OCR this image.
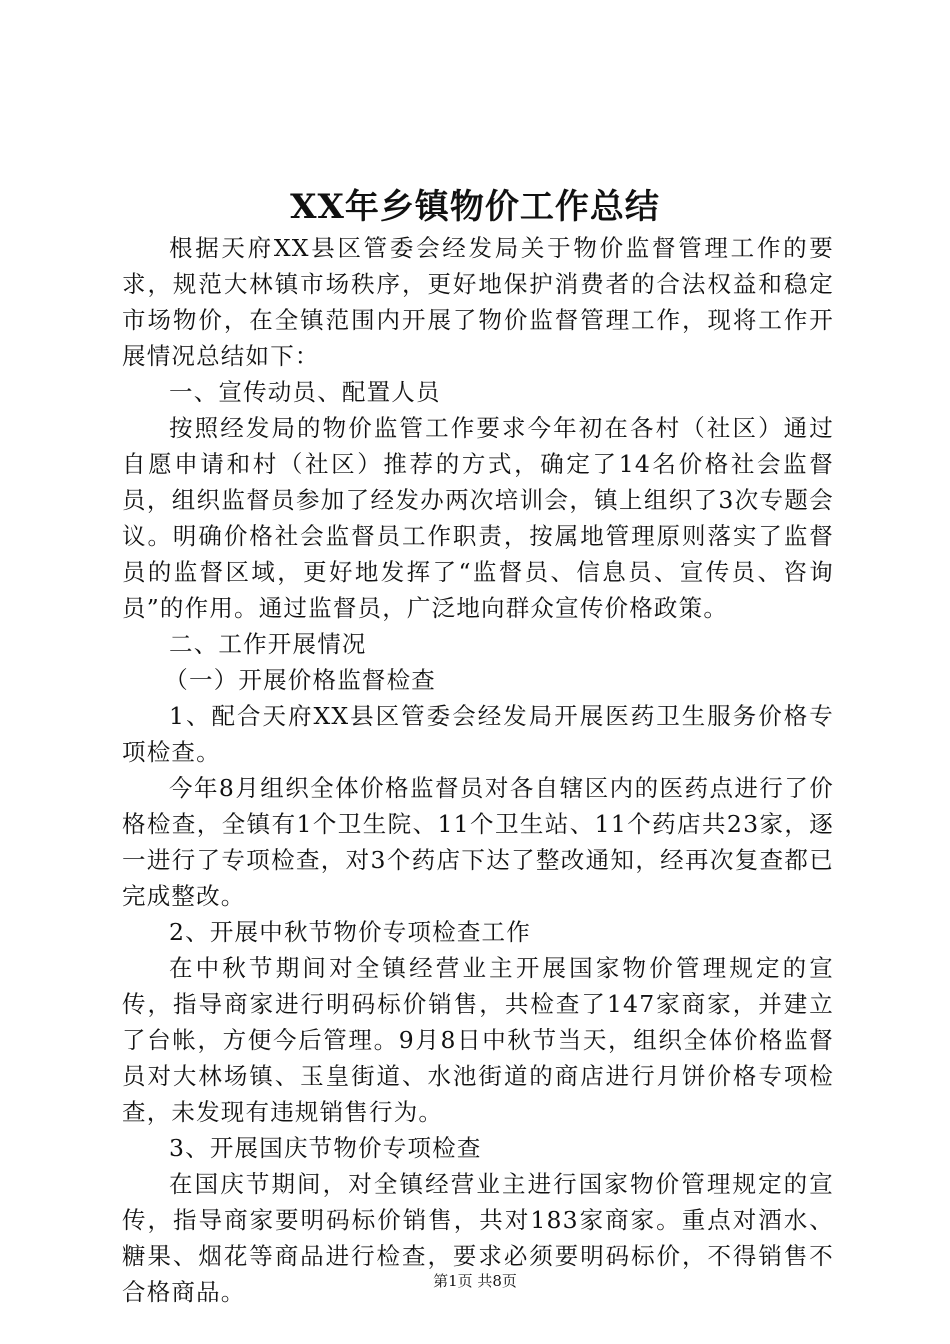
XX年乡镇物价工作总结

根据天府XX县区管委会经发局关于物价监督管理工作的要求，规范大林镇市场秩序，更好地保护消费者的合法权益和稳定市场物价，在全镇范围内开展了物价监督管理工作，现将工作开展情况总结如下：

一、宣传动员、配置人员

按照经发局的物价监管工作要求今年初在各村（社区）通过自愿申请和村（社区）推荐的方式，确定了14名价格社会监督员，组织监督员参加了经发办两次培训会，镇上组织了3次专题会议。明确价格社会监督员工作职责，按属地管理原则落实了监督员的监督区域，更好地发挥了“监督员、信息员、宣传员、咨询员”的作用。通过监督员，广泛地向群众宣传价格政策。

二、工作开展情况

（一）开展价格监督检查

1、配合天府XX县区管委会经发局开展医药卫生服务价格专项检查。

今年8月组织全体价格监督员对各自辖区内的医药点进行了价格检查，全镇有1个卫生院、11个卫生站、11个药店共23家，逐一进行了专项检查，对3个药店下达了整改通知，经再次复查都已完成整改。

2、开展中秋节物价专项检查工作

在中秋节期间对全镇经营业主开展国家物价管理规定的宣传，指导商家进行明码标价销售，共检查了147家商家，并建立了台帐，方便今后管理。9月8日中秋节当天，组织全体价格监督员对大林场镇、玉皇街道、水池街道的商店进行月饼价格专项检查，未发现有违规销售行为。

3、开展国庆节物价专项检查

在国庆节期间，对全镇经营业主进行国家物价管理规定的宣传，指导商家要明码标价销售，共对183家商家。重点对酒水、糖果、烟花等商品进行检查，要求必须要明码标价，不得销售不合格商品。	第1页 共8页
